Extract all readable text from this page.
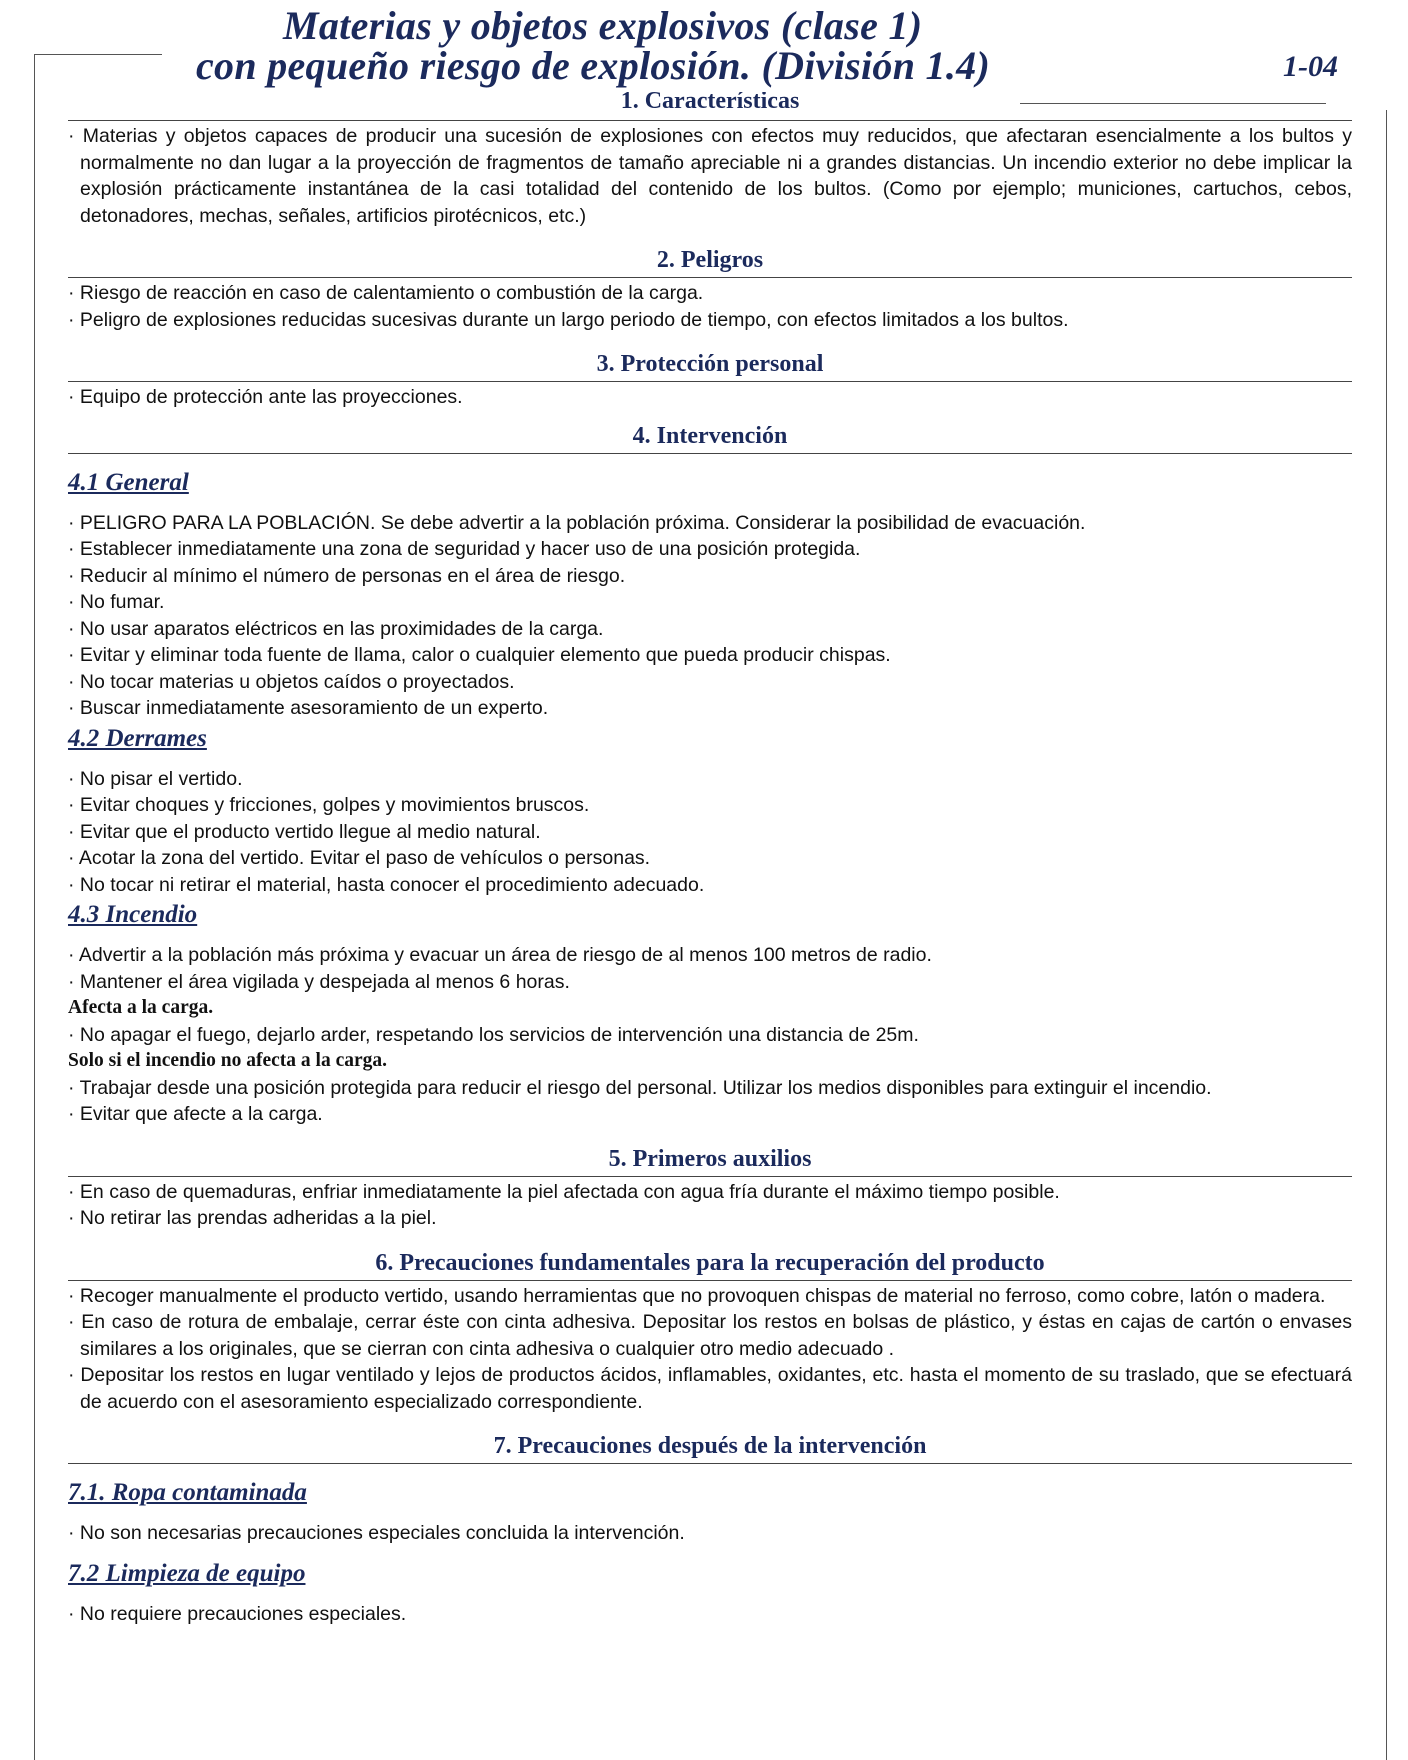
Materias y objetos explosivos (clase 1)
con pequeño riesgo de explosión. (División 1.4)	1-04
1. Características
· Materias y objetos capaces de producir una sucesión de explosiones con efectos muy reducidos, que afectaran esencialmente a los bultos y normalmente no dan lugar a la proyección de fragmentos de tamaño apreciable ni a grandes distancias. Un incendio exterior no debe implicar la explosión prácticamente instantánea de la casi totalidad del contenido de los bultos. (Como por ejemplo; municiones, cartuchos, cebos, detonadores, mechas, señales, artificios pirotécnicos, etc.)
2. Peligros
· Riesgo de reacción en caso de calentamiento o combustión de la carga.
· Peligro de explosiones reducidas sucesivas durante un largo periodo de tiempo, con efectos limitados a los bultos.
3. Protección personal
· Equipo de protección ante las proyecciones.
4. Intervención
4.1 General
· PELIGRO PARA LA POBLACIÓN. Se debe advertir a la población próxima. Considerar la posibilidad de evacuación.
· Establecer inmediatamente una zona de seguridad y hacer uso de una posición protegida.
· Reducir al mínimo el número de personas en el área de riesgo.
· No fumar.
· No usar aparatos eléctricos en las proximidades de la carga.
· Evitar y eliminar toda fuente de llama, calor o cualquier elemento que pueda producir chispas.
· No tocar materias u objetos caídos o proyectados.
· Buscar inmediatamente asesoramiento de un experto.
4.2 Derrames
· No pisar el vertido.
· Evitar choques y fricciones, golpes y movimientos bruscos.
· Evitar que el producto vertido llegue al medio natural.
· Acotar la zona del vertido. Evitar el paso de vehículos o personas.
· No tocar ni retirar el material, hasta conocer el procedimiento adecuado.
4.3 Incendio
· Advertir a la población más próxima y evacuar un área de riesgo de al menos 100 metros de radio.
· Mantener el área vigilada y despejada al menos 6 horas.
Afecta a la carga.
· No apagar el fuego, dejarlo arder, respetando los servicios de intervención una distancia de 25m.
Solo si el incendio no afecta a la carga.
· Trabajar desde una posición protegida para reducir el riesgo del personal. Utilizar los medios disponibles para extinguir el incendio.
· Evitar que afecte a la carga.
5. Primeros auxilios
· En caso de quemaduras, enfriar inmediatamente la piel afectada con agua fría durante el máximo tiempo posible.
· No retirar las prendas adheridas a la piel.
6. Precauciones fundamentales para la recuperación del producto
· Recoger manualmente el producto vertido, usando herramientas que no provoquen chispas de material no ferroso, como cobre, latón o madera.
· En caso de rotura de embalaje, cerrar éste con cinta adhesiva. Depositar los restos en bolsas de plástico, y éstas en cajas de cartón o envases similares a los originales, que se cierran con cinta adhesiva o cualquier otro medio adecuado .
· Depositar los restos en lugar ventilado y lejos de productos ácidos, inflamables, oxidantes, etc. hasta el momento de su traslado, que se efectuará de acuerdo con el asesoramiento especializado correspondiente.
7. Precauciones después de la intervención
7.1. Ropa contaminada
· No son necesarias precauciones especiales concluida la intervención.
7.2 Limpieza de equipo
· No requiere precauciones especiales.
